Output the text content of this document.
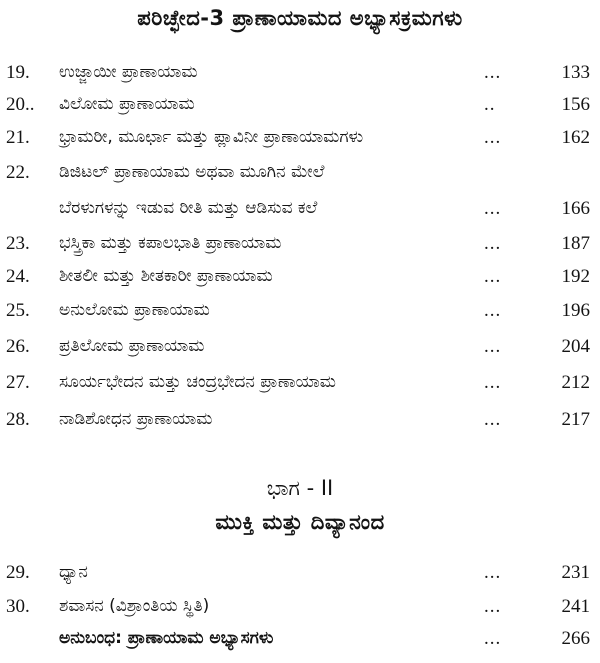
ಪರಿಚ್ಛೇದ-3 ಪ್ರಾಣಾಯಾಮದ ಅಭ್ಯಾಸಕ್ರಮಗಳು
19. ಉಜ್ಜಾಯೀ ಪ್ರಾಣಾಯಾಮ	...	133
20.. ವಿಲೋಮ ಪ್ರಾಣಾಯಾಮ	..	156
21. ಭ್ರಾಮರೀ, ಮೂರ್ಛಾ ಮತ್ತು ಪ್ಲಾವಿನೀ ಪ್ರಾಣಾಯಾಮಗಳು	...	162
22. ಡಿಜಿಟಲ್ ಪ್ರಾಣಾಯಾಮ ಅಥವಾ ಮೂಗಿನ ಮೇಲೆ
ಬೆರಳುಗಳನ್ನು ಇಡುವ ರೀತಿ ಮತ್ತು ಆಡಿಸುವ ಕಲೆ	...	166
23. ಭಸ್ತ್ರಿಕಾ ಮತ್ತು ಕಪಾಲಭಾತಿ ಪ್ರಾಣಾಯಾಮ	...	187
24. ಶೀತಲೀ ಮತ್ತು ಶೀತಕಾರೀ ಪ್ರಾಣಾಯಾಮ	...	192
25. ಅನುಲೋಮ ಪ್ರಾಣಾಯಾಮ	...	196
26. ಪ್ರತಿಲೋಮ ಪ್ರಾಣಾಯಾಮ	...	204
27. ಸೂರ್ಯಭೇದನ ಮತ್ತು ಚಂದ್ರಭೇದನ ಪ್ರಾಣಾಯಾಮ	...	212
28. ನಾಡಿಶೋಧನ ಪ್ರಾಣಾಯಾಮ	...	217
ಭಾಗ - II
ಮುಕ್ತಿ ಮತ್ತು ದಿವ್ಯಾನಂದ
29. ಧ್ಯಾನ	...	231
30. ಶವಾಸನ (ವಿಶ್ರಾಂತಿಯ ಸ್ಥಿತಿ)	...	241
ಅನುಬಂಧ: ಪ್ರಾಣಾಯಾಮ ಅಭ್ಯಾಸಗಳು	...	266
